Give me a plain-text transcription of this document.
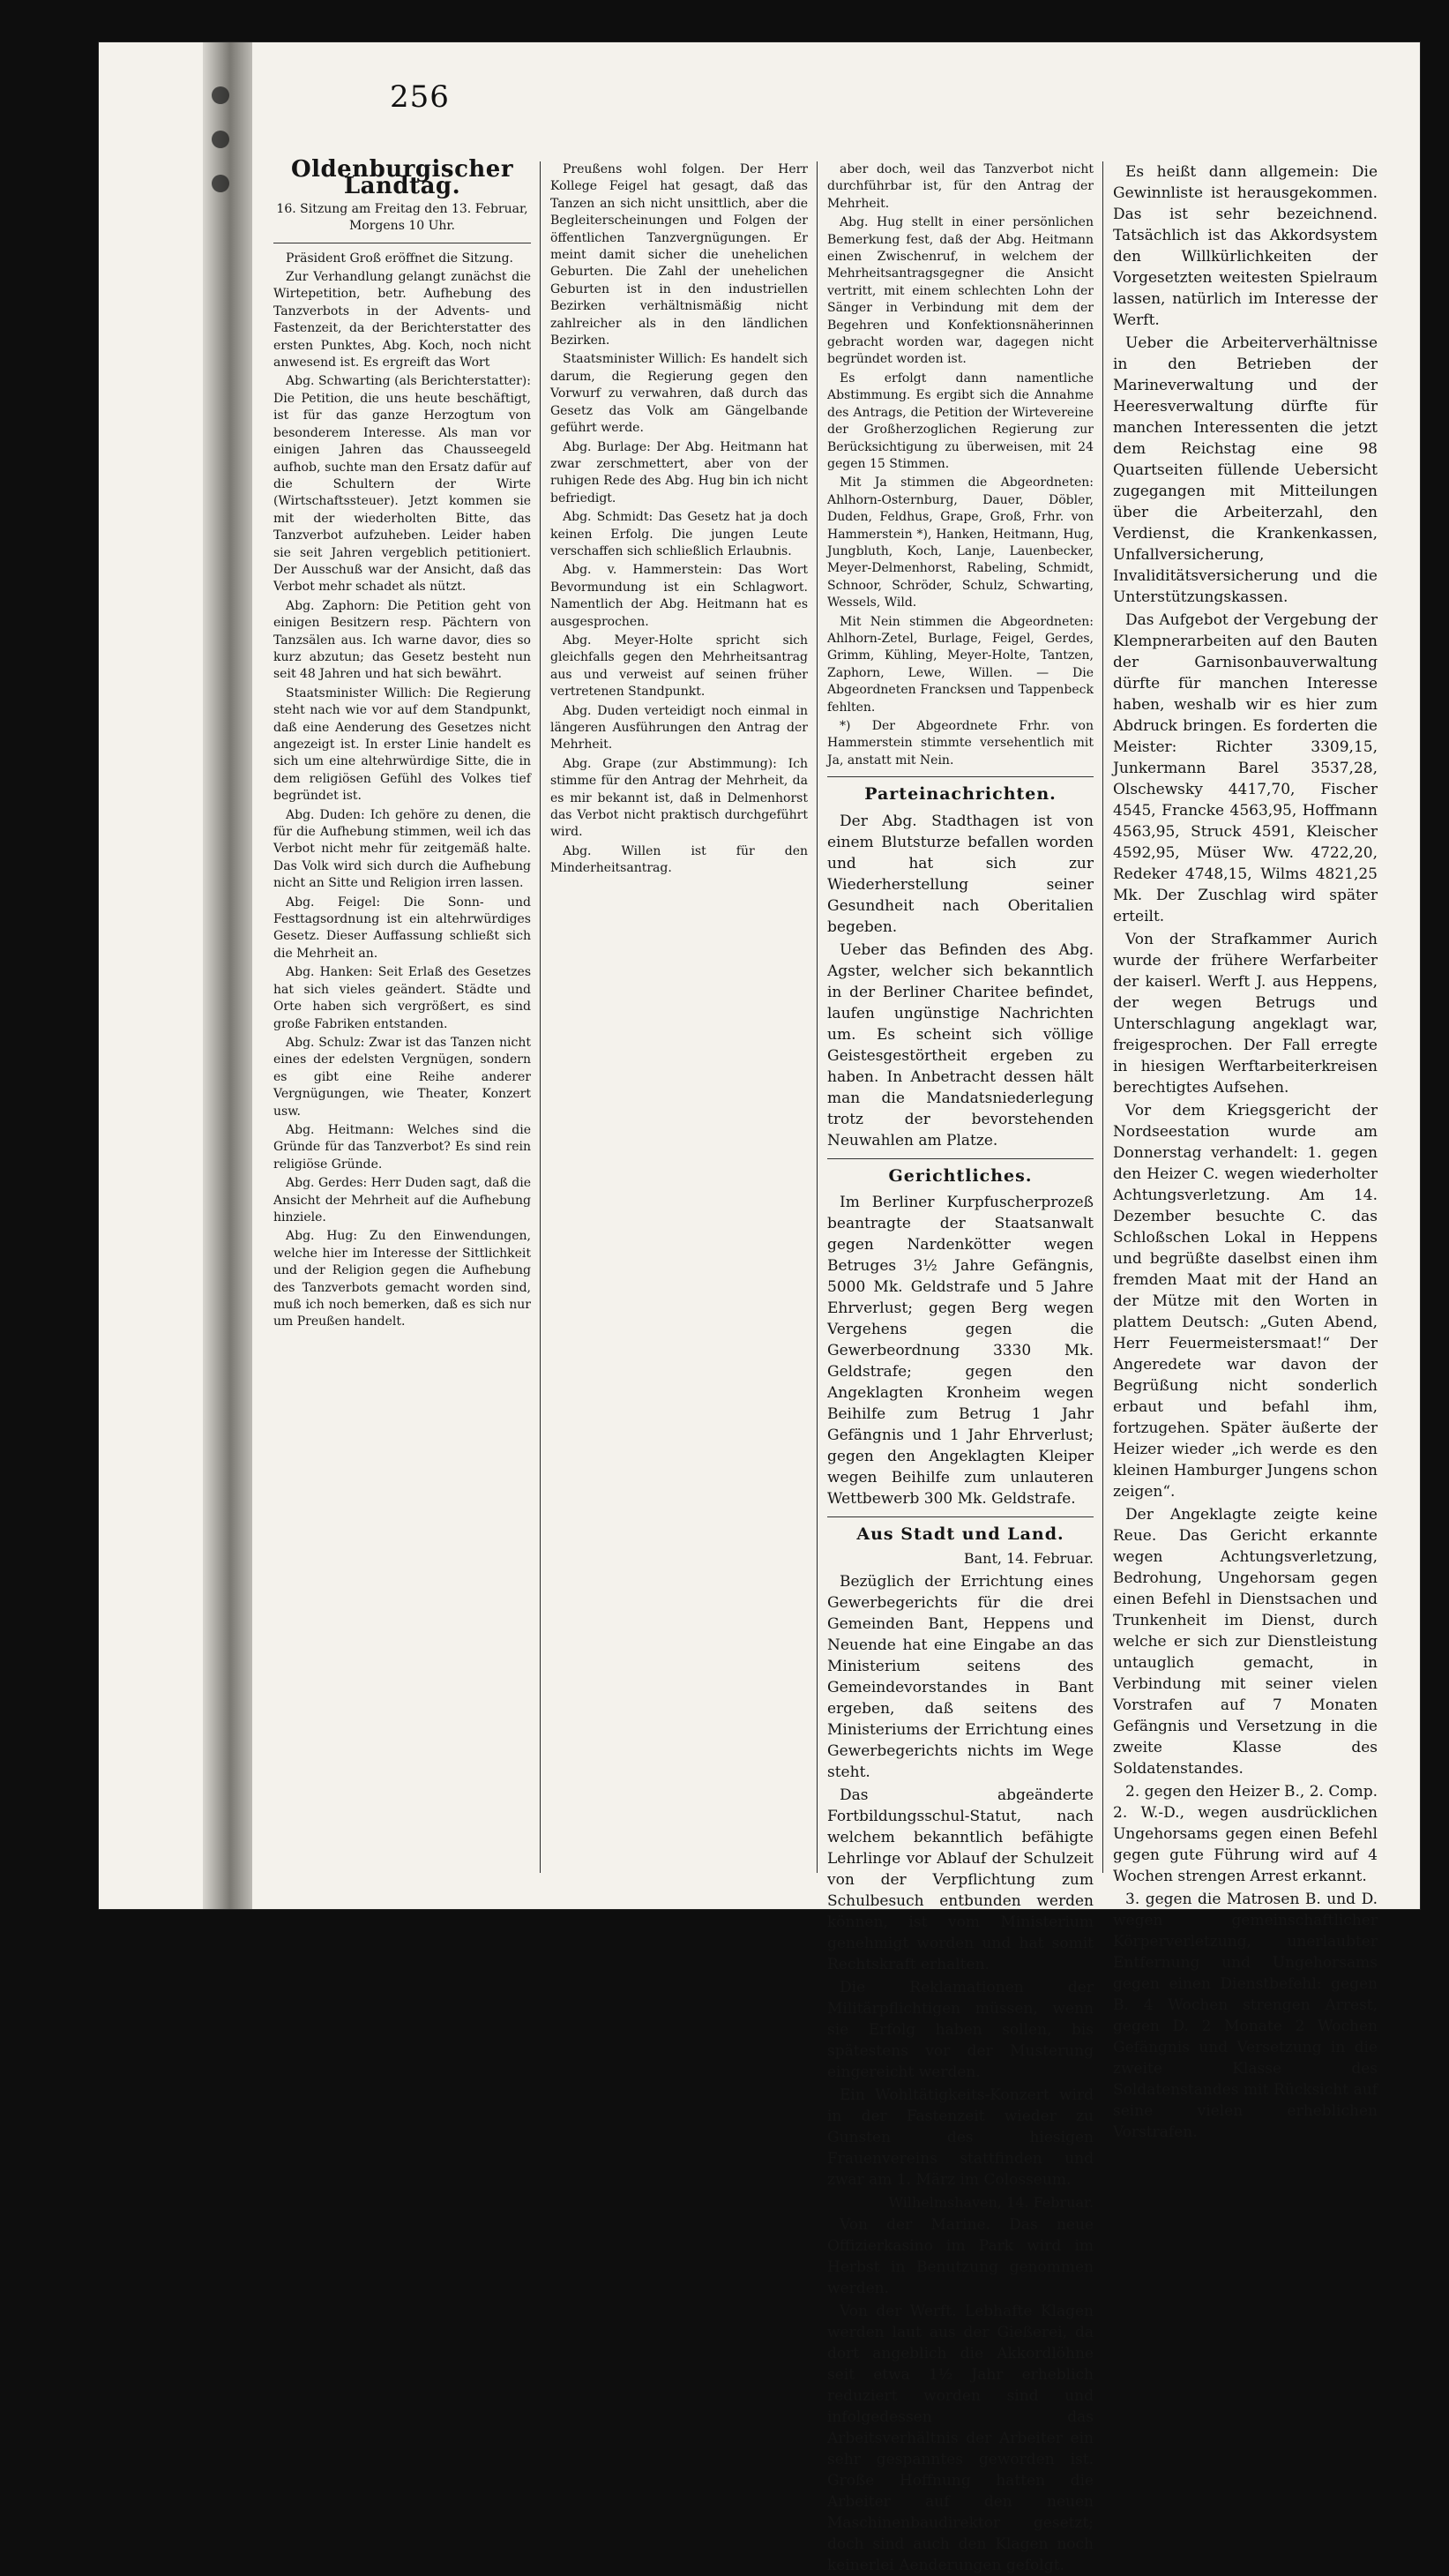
256

Oldenburgischer Landtag.

16. Sitzung am Freitag den 13. Februar, Morgens 10 Uhr.

Präsident Groß eröffnet die Sitzung.

Zur Verhandlung gelangt zunächst die Wirtepetition, betr. Aufhebung des Tanzverbots in der Advents- und Fastenzeit, da der Berichterstatter des ersten Punktes, Abg. Koch, noch nicht anwesend ist. Es ergreift das Wort

Abg. Schwarting (als Berichterstatter): Die Petition, die uns heute beschäftigt, ist für das ganze Herzogtum von besonderem Interesse. Als man vor einigen Jahren das Chausseegeld aufhob, suchte man den Ersatz dafür auf die Schultern der Wirte (Wirtschaftssteuer). Jetzt kommen sie mit der wiederholten Bitte, das Tanzverbot aufzuheben. Leider haben sie seit Jahren vergeblich petitioniert. Der Ausschuß war der Ansicht, daß das Verbot mehr schadet als nützt.

Abg. Zaphorn: Die Petition geht von einigen Besitzern resp. Pächtern von Tanzsälen aus. Ich warne davor, dies so kurz abzutun; das Gesetz besteht nun seit 48 Jahren und hat sich bewährt.

Staatsminister Willich: Die Regierung steht nach wie vor auf dem Standpunkt, daß eine Aenderung des Gesetzes nicht angezeigt ist. In erster Linie handelt es sich um eine altehrwürdige Sitte, die in dem religiösen Gefühl des Volkes tief begründet ist.

Abg. Duden: Ich gehöre zu denen, die für die Aufhebung stimmen, weil ich das Verbot nicht mehr für zeitgemäß halte. Das Volk wird sich durch die Aufhebung nicht an Sitte und Religion irren lassen.

Abg. Feigel: Die Sonn- und Festtagsordnung ist ein altehrwürdiges Gesetz. Dieser Auffassung schließt sich die Mehrheit an.

Abg. Hanken: Seit Erlaß des Gesetzes hat sich vieles geändert. Städte und Orte haben sich vergrößert, es sind große Fabriken entstanden.

Abg. Schulz: Zwar ist das Tanzen nicht eines der edelsten Vergnügen, sondern es gibt eine Reihe anderer Vergnügungen, wie Theater, Konzert usw.

Abg. Heitmann: Welches sind die Gründe für das Tanzverbot? Es sind rein religiöse Gründe.

Abg. Gerdes: Herr Duden sagt, daß die Ansicht der Mehrheit auf die Aufhebung hinziele.

Abg. Hug: Zu den Einwendungen, welche hier im Interesse der Sittlichkeit und der Religion gegen die Aufhebung des Tanzverbots gemacht worden sind, muß ich noch bemerken, daß es sich nur um Preußen handelt.

Preußens wohl folgen. Der Herr Kollege Feigel hat gesagt, daß das Tanzen an sich nicht unsittlich, aber die Begleiterscheinungen und Folgen der öffentlichen Tanzvergnügungen. Er meint damit sicher die unehelichen Geburten. Die Zahl der unehelichen Geburten ist in den industriellen Bezirken verhältnismäßig nicht zahlreicher als in den ländlichen Bezirken.

Staatsminister Willich: Es handelt sich darum, die Regierung gegen den Vorwurf zu verwahren, daß durch das Gesetz das Volk am Gängelbande geführt werde.

Abg. Burlage: Der Abg. Heitmann hat zwar zerschmettert, aber von der ruhigen Rede des Abg. Hug bin ich nicht befriedigt.

Abg. Schmidt: Das Gesetz hat ja doch keinen Erfolg. Die jungen Leute verschaffen sich schließlich Erlaubnis.

Abg. v. Hammerstein: Das Wort Bevormundung ist ein Schlagwort. Namentlich der Abg. Heitmann hat es ausgesprochen.

Abg. Meyer-Holte spricht sich gleichfalls gegen den Mehrheitsantrag aus und verweist auf seinen früher vertretenen Standpunkt.

Abg. Duden verteidigt noch einmal in längeren Ausführungen den Antrag der Mehrheit.

Abg. Grape (zur Abstimmung): Ich stimme für den Antrag der Mehrheit, da es mir bekannt ist, daß in Delmenhorst das Verbot nicht praktisch durchgeführt wird.

Abg. Willen ist für den Minderheitsantrag.

aber doch, weil das Tanzverbot nicht durchführbar ist, für den Antrag der Mehrheit.

Abg. Hug stellt in einer persönlichen Bemerkung fest, daß der Abg. Heitmann einen Zwischenruf, in welchem der Mehrheitsantragsgegner die Ansicht vertritt, mit einem schlechten Lohn der Sänger in Verbindung mit dem der Begehren und Konfektionsnäherinnen gebracht worden war, dagegen nicht begründet worden ist.

Es erfolgt dann namentliche Abstimmung. Es ergibt sich die Annahme des Antrags, die Petition der Wirtevereine der Großherzoglichen Regierung zur Berücksichtigung zu überweisen, mit 24 gegen 15 Stimmen.

Mit Ja stimmen die Abgeordneten: Ahlhorn-Osternburg, Dauer, Döbler, Duden, Feldhus, Grape, Groß, Frhr. von Hammerstein *), Hanken, Heitmann, Hug, Jungbluth, Koch, Lanje, Lauenbecker, Meyer-Delmenhorst, Rabeling, Schmidt, Schnoor, Schröder, Schulz, Schwarting, Wessels, Wild.

Mit Nein stimmen die Abgeordneten: Ahlhorn-Zetel, Burlage, Feigel, Gerdes, Grimm, Kühling, Meyer-Holte, Tantzen, Zaphorn, Lewe, Willen. — Die Abgeordneten Francksen und Tappenbeck fehlten.

*) Der Abgeordnete Frhr. von Hammerstein stimmte versehentlich mit Ja, anstatt mit Nein.

Parteinachrichten.

Der Abg. Stadthagen ist von einem Blutsturze befallen worden und hat sich zur Wiederherstellung seiner Gesundheit nach Oberitalien begeben.

Ueber das Befinden des Abg. Agster, welcher sich bekanntlich in der Berliner Charitee befindet, laufen ungünstige Nachrichten um. Es scheint sich völlige Geistesgestörtheit ergeben zu haben. In Anbetracht dessen hält man die Mandatsniederlegung trotz der bevorstehenden Neuwahlen am Platze.

Gerichtliches.

Im Berliner Kurpfuscherprozeß beantragte der Staatsanwalt gegen Nardenkötter wegen Betruges 3½ Jahre Gefängnis, 5000 Mk. Geldstrafe und 5 Jahre Ehrverlust; gegen Berg wegen Vergehens gegen die Gewerbeordnung 3330 Mk. Geldstrafe; gegen den Angeklagten Kronheim wegen Beihilfe zum Betrug 1 Jahr Gefängnis und 1 Jahr Ehrverlust; gegen den Angeklagten Kleiper wegen Beihilfe zum unlauteren Wettbewerb 300 Mk. Geldstrafe.

Aus Stadt und Land.

Bant, 14. Februar.

Bezüglich der Errichtung eines Gewerbegerichts für die drei Gemeinden Bant, Heppens und Neuende hat eine Eingabe an das Ministerium seitens des Gemeindevorstandes in Bant ergeben, daß seitens des Ministeriums der Errichtung eines Gewerbegerichts nichts im Wege steht.

Das abgeänderte Fortbildungsschul-Statut, nach welchem bekanntlich befähigte Lehrlinge vor Ablauf der Schulzeit von der Verpflichtung zum Schulbesuch entbunden werden können, ist vom Ministerium genehmigt worden und hat somit Rechtskraft erhalten.

Die Reklamationen der Militärpflichtigen müssen, wenn sie Erfolg haben sollen, bis spätestens vor der Musterung eingereicht werden.

Ein Wohltätigkeits-Konzert wird in der Fastenzeit wieder zu Gunsten des hiesigen Frauenvereins stattfinden und zwar am 1. März im Colosseum.

Wilhelmshaven, 14. Februar.

Von der Marine. Das neue Offizierkasino im Park wird im Herbst in Benutzung genommen werden.

Von der Werft. Lebhafte Klagen werden laut aus der Gießerei, da dort angeblich die Akkordlöhne seit etwa 1½ Jahr erheblich reduziert worden sind und infolgedessen das Arbeitsverhältnis der Arbeiter ein sehr gespanntes geworden ist. Große Hoffnung hatten die Arbeiter auf den neuen Maschinenbaudirektor gesetzt; doch sind auch den Klagen noch keinerlei Aenderungen gefolgt.

Es heißt dann allgemein: Die Gewinnliste ist herausgekommen. Das ist sehr bezeichnend. Tatsächlich ist das Akkordsystem den Willkürlichkeiten der Vorgesetzten weitesten Spielraum lassen, natürlich im Interesse der Werft.

Ueber die Arbeiterverhältnisse in den Betrieben der Marineverwaltung und der Heeresverwaltung dürfte für manchen Interessenten die jetzt dem Reichstag eine 98 Quartseiten füllende Uebersicht zugegangen mit Mitteilungen über die Arbeiterzahl, den Verdienst, die Krankenkassen, Unfallversicherung, Invaliditätsversicherung und die Unterstützungskassen.

Das Aufgebot der Vergebung der Klempnerarbeiten auf den Bauten der Garnisonbauverwaltung dürfte für manchen Interesse haben, weshalb wir es hier zum Abdruck bringen. Es forderten die Meister: Richter 3309,15, Junkermann Barel 3537,28, Olschewsky 4417,70, Fischer 4545, Francke 4563,95, Hoffmann 4563,95, Struck 4591, Kleischer 4592,95, Müser Ww. 4722,20, Redeker 4748,15, Wilms 4821,25 Mk. Der Zuschlag wird später erteilt.

Von der Strafkammer Aurich wurde der frühere Werfarbeiter der kaiserl. Werft J. aus Heppens, der wegen Betrugs und Unterschlagung angeklagt war, freigesprochen. Der Fall erregte in hiesigen Werftarbeiterkreisen berechtigtes Aufsehen.

Vor dem Kriegsgericht der Nordseestation wurde am Donnerstag verhandelt: 1. gegen den Heizer C. wegen wiederholter Achtungsverletzung. Am 14. Dezember besuchte C. das Schloßschen Lokal in Heppens und begrüßte daselbst einen ihm fremden Maat mit der Hand an der Mütze mit den Worten in plattem Deutsch: „Guten Abend, Herr Feuermeistersmaat!“ Der Angeredete war davon der Begrüßung nicht sonderlich erbaut und befahl ihm, fortzugehen. Später äußerte der Heizer wieder „ich werde es den kleinen Hamburger Jungens schon zeigen“.

Der Angeklagte zeigte keine Reue. Das Gericht erkannte wegen Achtungsverletzung, Bedrohung, Ungehorsam gegen einen Befehl in Dienstsachen und Trunkenheit im Dienst, durch welche er sich zur Dienstleistung untauglich gemacht, in Verbindung mit seiner vielen Vorstrafen auf 7 Monaten Gefängnis und Versetzung in die zweite Klasse des Soldatenstandes.

2. gegen den Heizer B., 2. Comp. 2. W.-D., wegen ausdrücklichen Ungehorsams gegen einen Befehl gegen gute Führung wird auf 4 Wochen strengen Arrest erkannt.

3. gegen die Matrosen B. und D. wegen gemeinschaftlicher Körperverletzung, unerlaubter Entfernung und Ungehorsams gegen einen Dienstbefehl: gegen B. 4 Wochen strengen Arrest, gegen D. 2 Monate 2 Wochen Gefängnis und Versetzung in die zweite Klasse des Soldatenstandes mit Rücksicht auf seine vielen erheblichen Vorstrafen.
